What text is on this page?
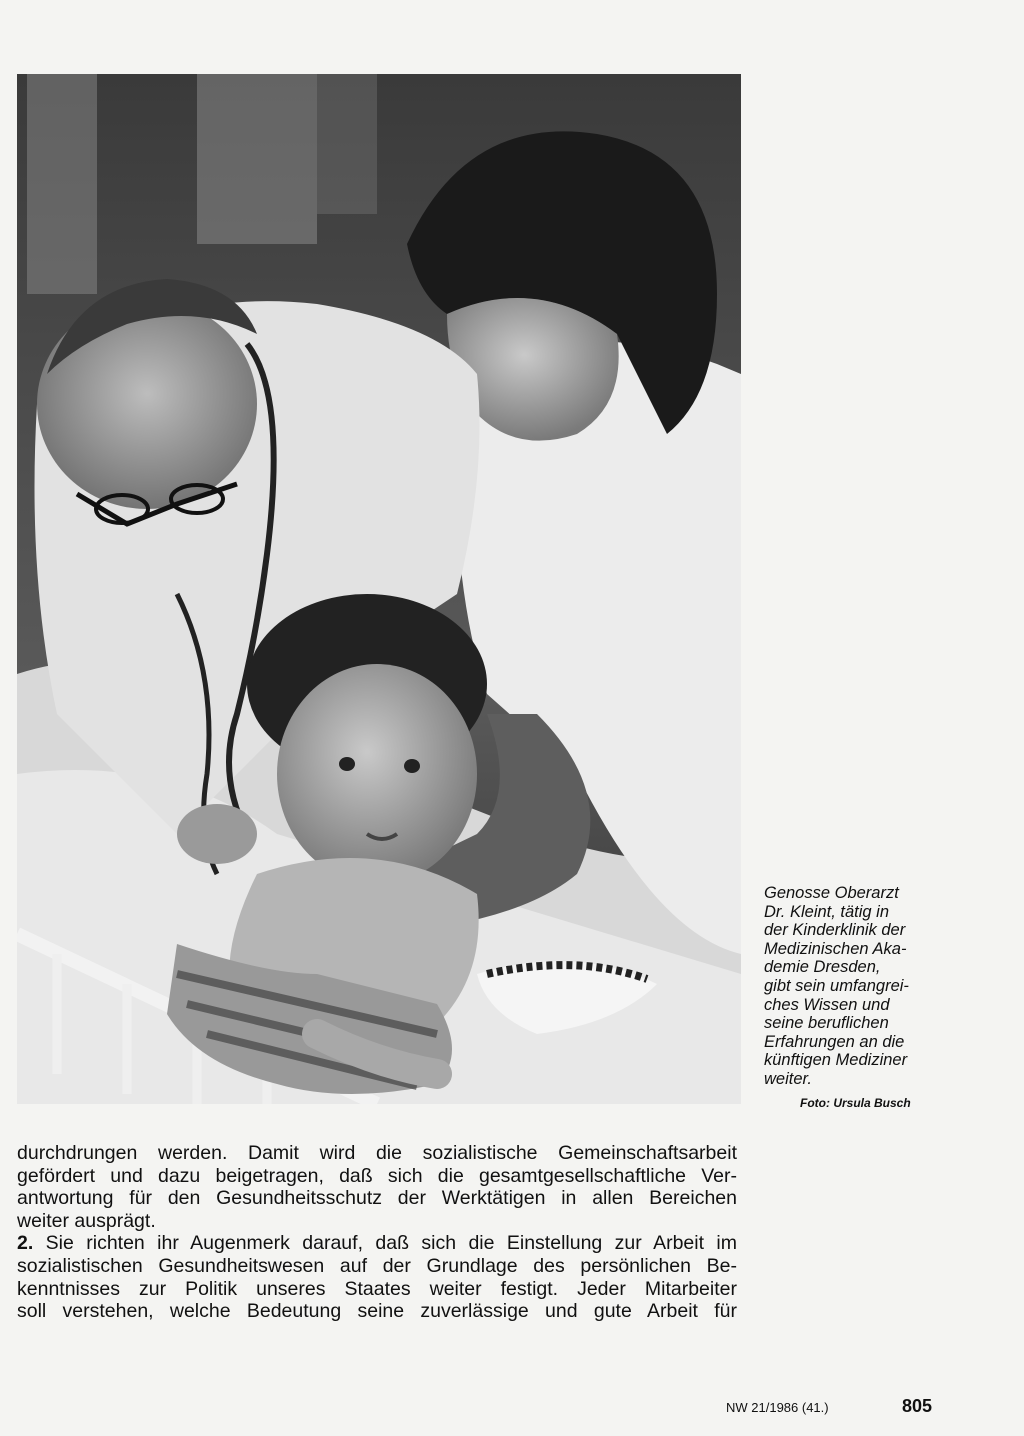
Genosse Oberarzt
Dr. Kleint, tätig in
der Kinderklinik der
Medizinischen Aka-
demie Dresden,
gibt sein umfangrei-
ches Wissen und
seine beruflichen
Erfahrungen an die
künftigen Mediziner
weiter.
Foto: Ursula Busch
durchdrungen werden. Damit wird die sozialistische Gemeinschaftsarbeit
gefördert und dazu beigetragen, daß sich die gesamtgesellschaftliche Ver-
antwortung für den Gesundheitsschutz der Werktätigen in allen Bereichen
weiter ausprägt.
2. Sie richten ihr Augenmerk darauf, daß sich die Einstellung zur Arbeit im
sozialistischen Gesundheitswesen auf der Grundlage des persönlichen Be-
kenntnisses zur Politik unseres Staates weiter festigt. Jeder Mitarbeiter
soll verstehen, welche Bedeutung seine zuverlässige und gute Arbeit für
NW 21/1986 (41.)	805
